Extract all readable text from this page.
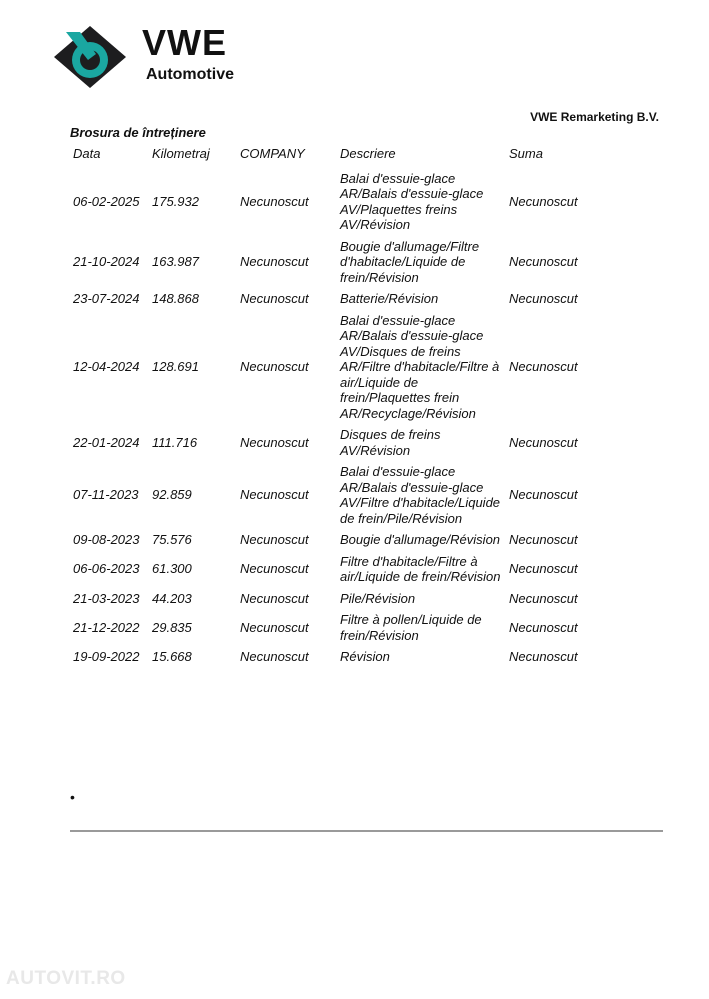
VWE
Automotive
VWE Remarketing B.V.
Brosura de întreținere
Data	Kilometraj	COMPANY	Descriere	Suma
06-02-2025	175.932	Necunoscut	Balai d'essuie-glace AR/Balais d'essuie-glace AV/Plaquettes freins AV/Révision	Necunoscut
21-10-2024	163.987	Necunoscut	Bougie d'allumage/Filtre d'habitacle/Liquide de frein/Révision	Necunoscut
23-07-2024	148.868	Necunoscut	Batterie/Révision	Necunoscut
12-04-2024	128.691	Necunoscut	Balai d'essuie-glace AR/Balais d'essuie-glace AV/Disques de freins AR/Filtre d'habitacle/Filtre à air/Liquide de frein/Plaquettes frein AR/Recyclage/Révision	Necunoscut
22-01-2024	111.716	Necunoscut	Disques de freins AV/Révision	Necunoscut
07-11-2023	92.859	Necunoscut	Balai d'essuie-glace AR/Balais d'essuie-glace AV/Filtre d'habitacle/Liquide de frein/Pile/Révision	Necunoscut
09-08-2023	75.576	Necunoscut	Bougie d'allumage/Révision	Necunoscut
06-06-2023	61.300	Necunoscut	Filtre d'habitacle/Filtre à air/Liquide de frein/Révision	Necunoscut
21-03-2023	44.203	Necunoscut	Pile/Révision	Necunoscut
21-12-2022	29.835	Necunoscut	Filtre à pollen/Liquide de frein/Révision	Necunoscut
19-09-2022	15.668	Necunoscut	Révision	Necunoscut
•
AUTOVIT.RO
